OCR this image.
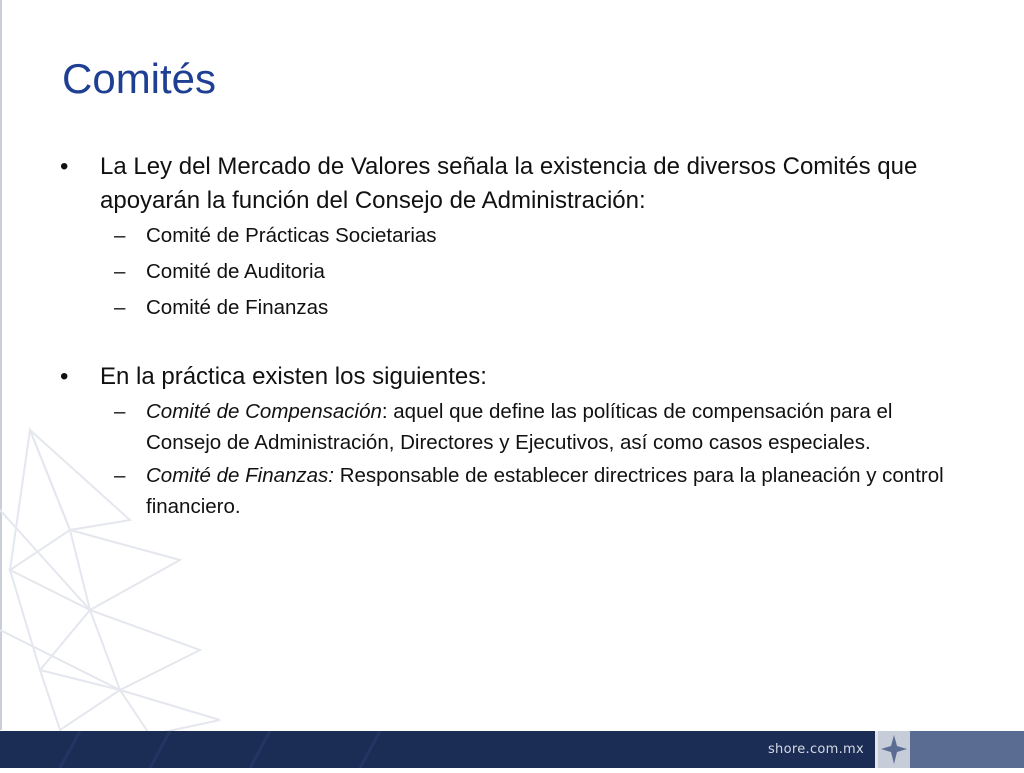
Comités
•	La Ley del Mercado de Valores señala la existencia de diversos Comités que apoyarán la función del Consejo de Administración:
– Comité de Prácticas Societarias
– Comité de Auditoria
– Comité de Finanzas
•	En la práctica existen los siguientes:
– Comité de Compensación: aquel que define las políticas de compensación para el Consejo de Administración, Directores y Ejecutivos, así como casos especiales.
– Comité de Finanzas: Responsable de establecer directrices para la planeación y control financiero.
shore.com.mx
